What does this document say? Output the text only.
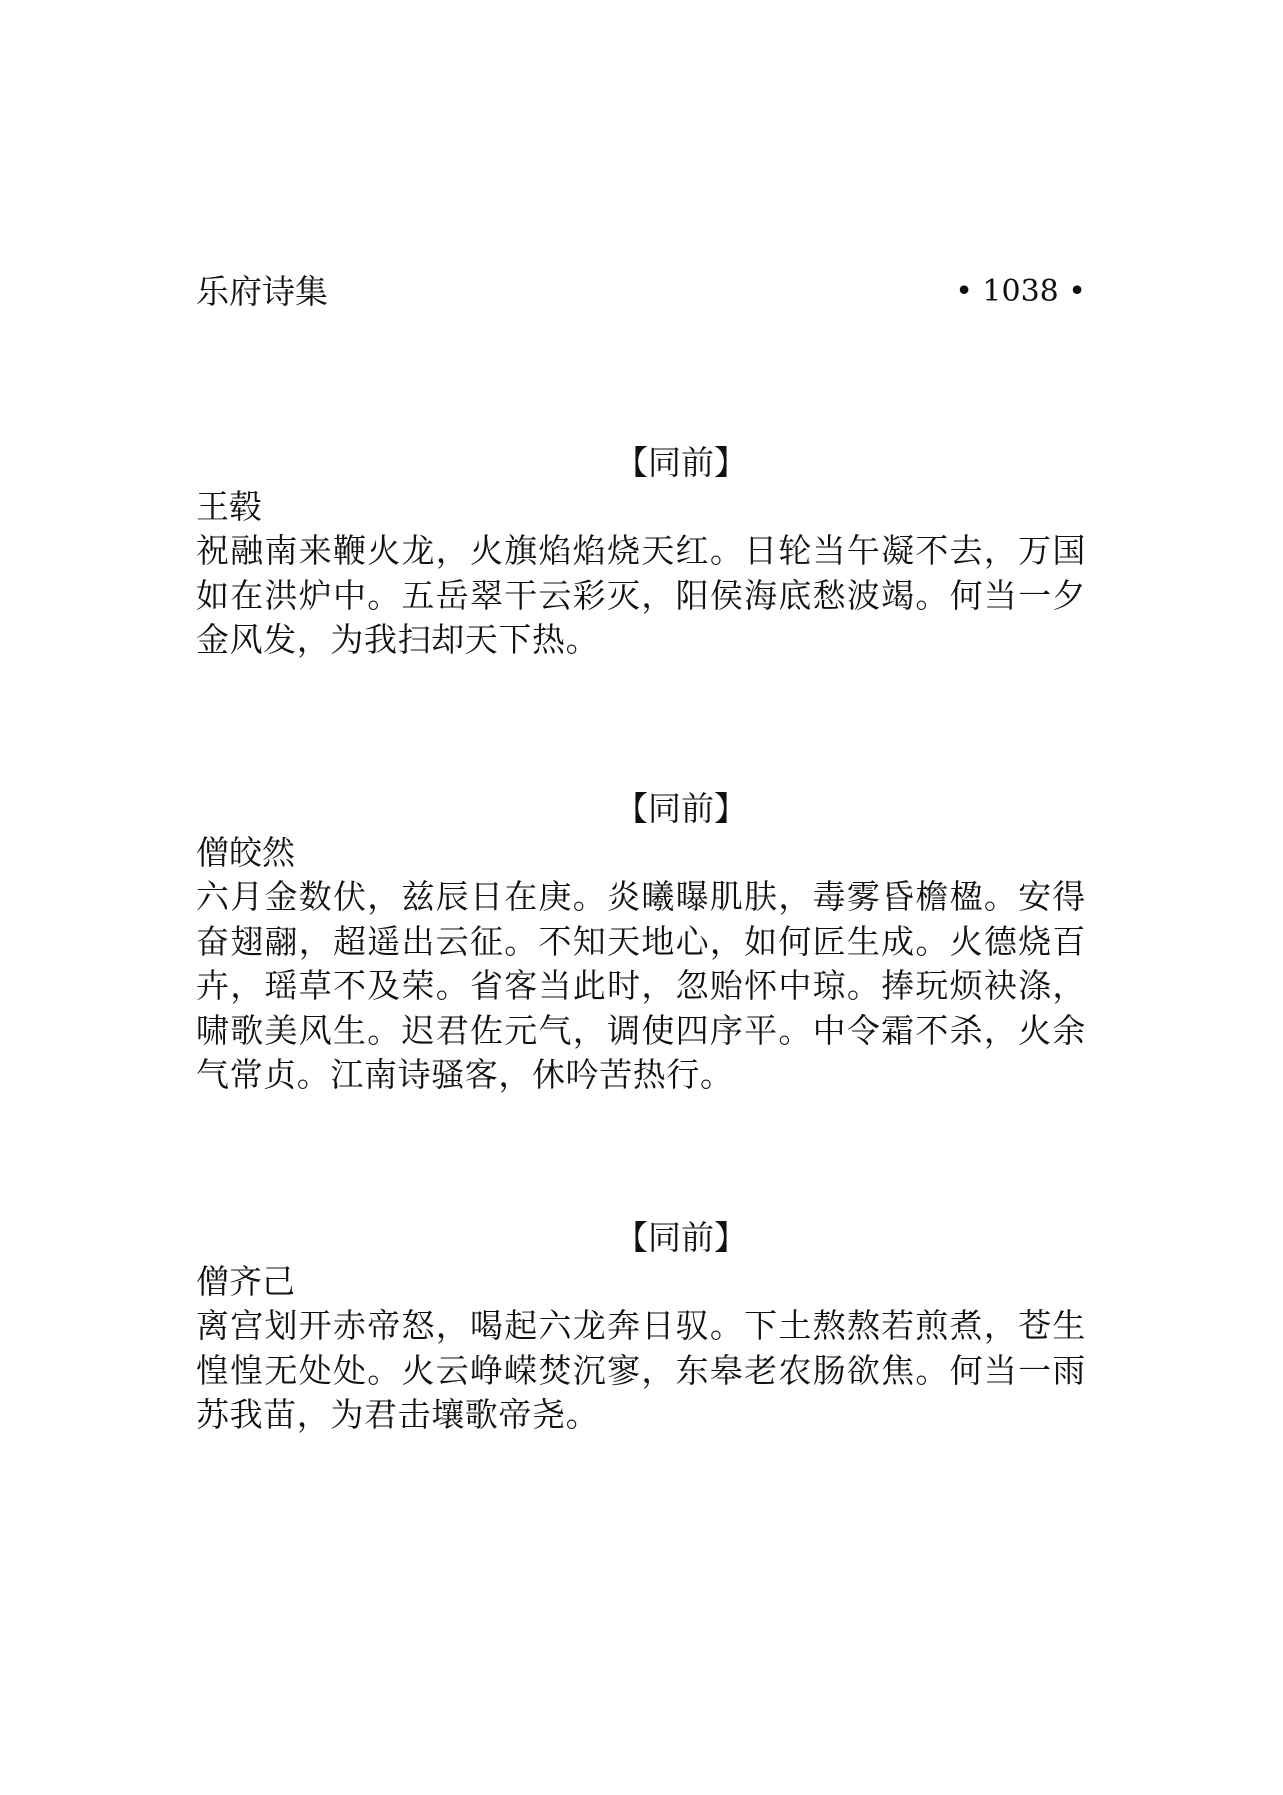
乐府诗集	• 1038 •

【同前】

王毂

祝融南来鞭火龙，火旗焰焰烧天红。日轮当午凝不去，万国如在洪炉中。五岳翠干云彩灭，阳侯海底愁波竭。何当一夕金风发，为我扫却天下热。

【同前】

僧皎然

六月金数伏，兹辰日在庚。炎曦曝肌肤，毒雾昏檐楹。安得奋翅翮，超遥出云征。不知天地心，如何匠生成。火德烧百卉，瑶草不及荣。省客当此时，忽贻怀中琼。捧玩烦袂涤，啸歌美风生。迟君佐元气，调使四序平。中令霜不杀，火余气常贞。江南诗骚客，休吟苦热行。

【同前】

僧齐己

离宫划开赤帝怒，喝起六龙奔日驭。下土熬熬若煎煮，苍生惶惶无处处。火云峥嵘焚沉寥，东皋老农肠欲焦。何当一雨苏我苗，为君击壤歌帝尧。
